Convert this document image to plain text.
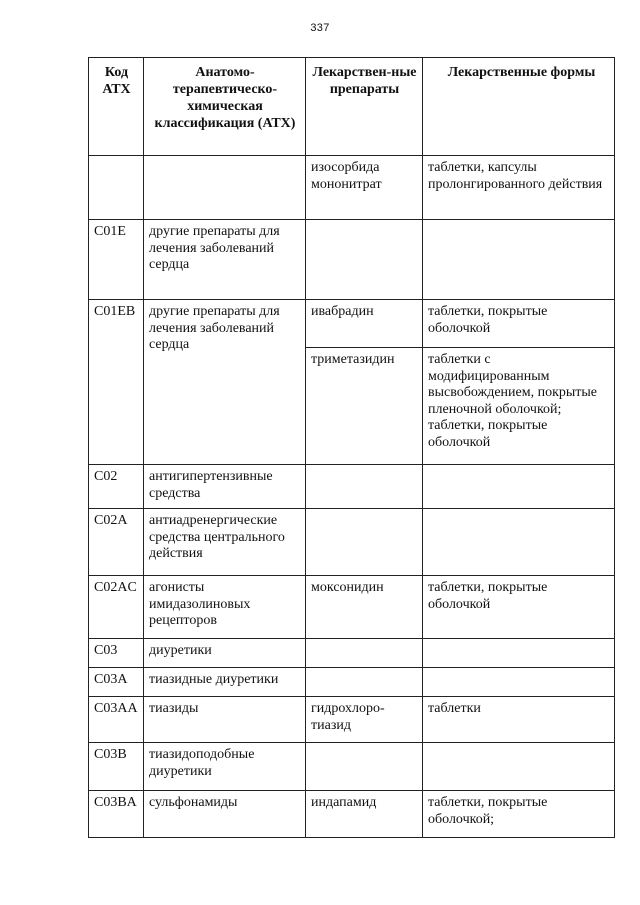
337
Код АТХ	Анатомо-терапевтическо-химическая классификация (АТХ)	Лекарствен-ные препараты	Лекарственные формы
		изосорбида мононитрат	таблетки, капсулы пролонгированного действия
C01E	другие препараты для лечения заболеваний сердца		
C01EB	другие препараты для лечения заболеваний сердца	ивабрадин	таблетки, покрытые оболочкой
		триметазидин	таблетки с модифицированным высвобождением, покрытые пленочной оболочкой; таблетки, покрытые оболочкой
C02	антигипертензивные средства		
C02A	антиадренергические средства центрального действия		
C02AC	агонисты имидазолиновых рецепторов	моксонидин	таблетки, покрытые оболочкой
C03	диуретики		
C03A	тиазидные диуретики		
C03AA	тиазиды	гидрохлоро-тиазид	таблетки
C03B	тиазидоподобные диуретики		
C03BA	сульфонамиды	индапамид	таблетки, покрытые оболочкой;
